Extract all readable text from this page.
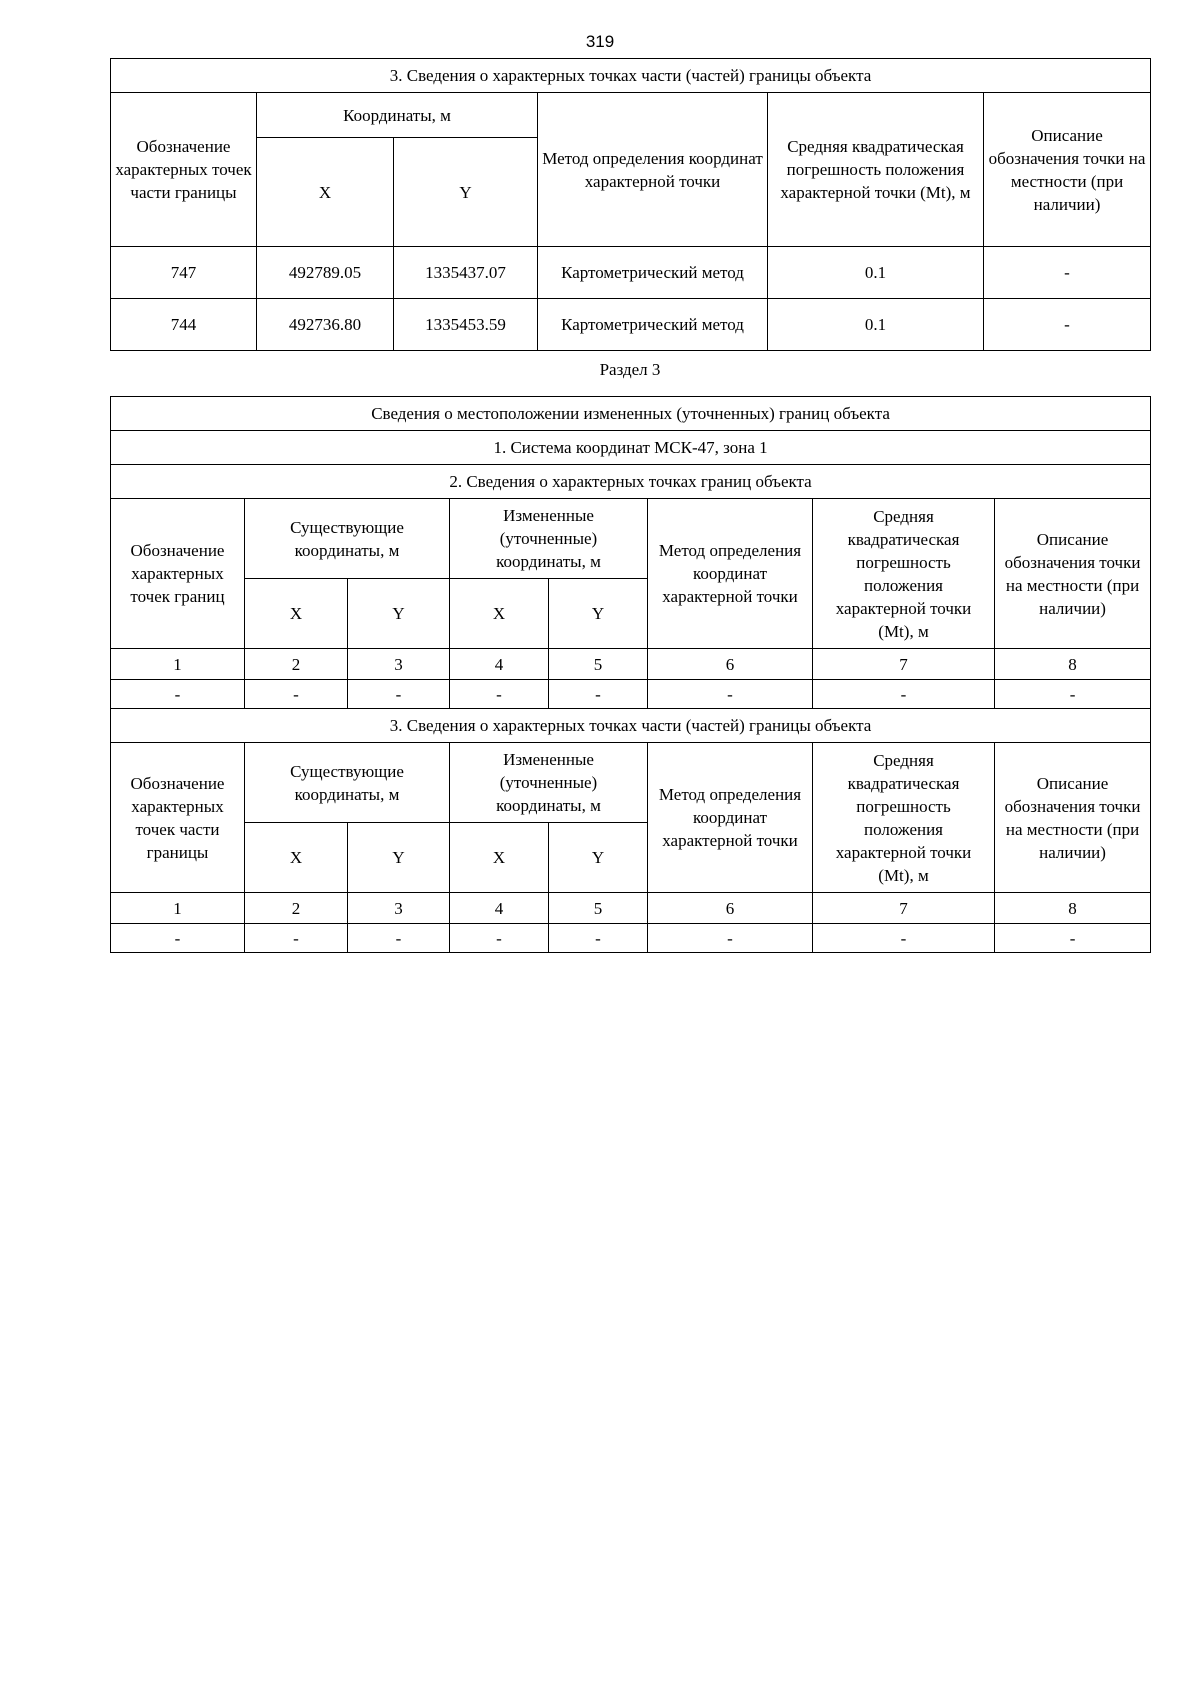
319
3. Сведения о характерных точках части (частей) границы объекта					
Обозначение характерных точек части границы	Координаты, м		Метод определения координат характерной точки	Средняя квадратическая погрешность положения характерной точки (Mt), м	Описание обозначения точки на местности (при наличии)
	X	Y			
747	492789.05	1335437.07	Картометрический метод	0.1	-
744	492736.80	1335453.59	Картометрический метод	0.1	-
Раздел 3
Сведения о местоположении измененных (уточненных) границ объекта							
1. Система координат МСК-47, зона 1							
2. Сведения о характерных точках границ объекта							
Обозначение характерных точек границ	Существующие координаты, м		Измененные (уточненные) координаты, м		Метод определения координат характерной точки	Средняя квадратическая погрешность положения характерной точки (Mt), м	Описание обозначения точки на местности (при наличии)
	X	Y	X	Y			
1	2	3	4	5	6	7	8
-	-	-	-	-	-	-	-
3. Сведения о характерных точках части (частей) границы объекта							
Обозначение характерных точек части границы	Существующие координаты, м		Измененные (уточненные) координаты, м		Метод определения координат характерной точки	Средняя квадратическая погрешность положения характерной точки (Mt), м	Описание обозначения точки на местности (при наличии)
	X	Y	X	Y			
1	2	3	4	5	6	7	8
-	-	-	-	-	-	-	-
